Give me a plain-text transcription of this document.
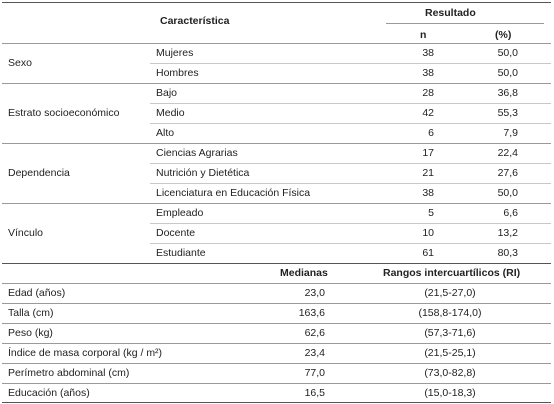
Característica
Resultado
n	(%)
Sexo
Mujeres	38	50,0
Hombres	38	50,0
Estrato socioeconómico
Bajo	28	36,8
Medio	42	55,3
Alto	6	7,9
Dependencia
Ciencias Agrarias	17	22,4
Nutrición y Dietética	21	27,6
Licenciatura en Educación Física	38	50,0
Vínculo
Empleado	5	6,6
Docente	10	13,2
Estudiante	61	80,3
Medianas	Rangos intercuartílicos (RI)
Edad (años)	23,0	(21,5-27,0)
Talla (cm)	163,6	(158,8-174,0)
Peso (kg)	62,6	(57,3-71,6)
Índice de masa corporal (kg / m²)	23,4	(21,5-25,1)
Perímetro abdominal (cm)	77,0	(73,0-82,8)
Educación (años)	16,5	(15,0-18,3)
